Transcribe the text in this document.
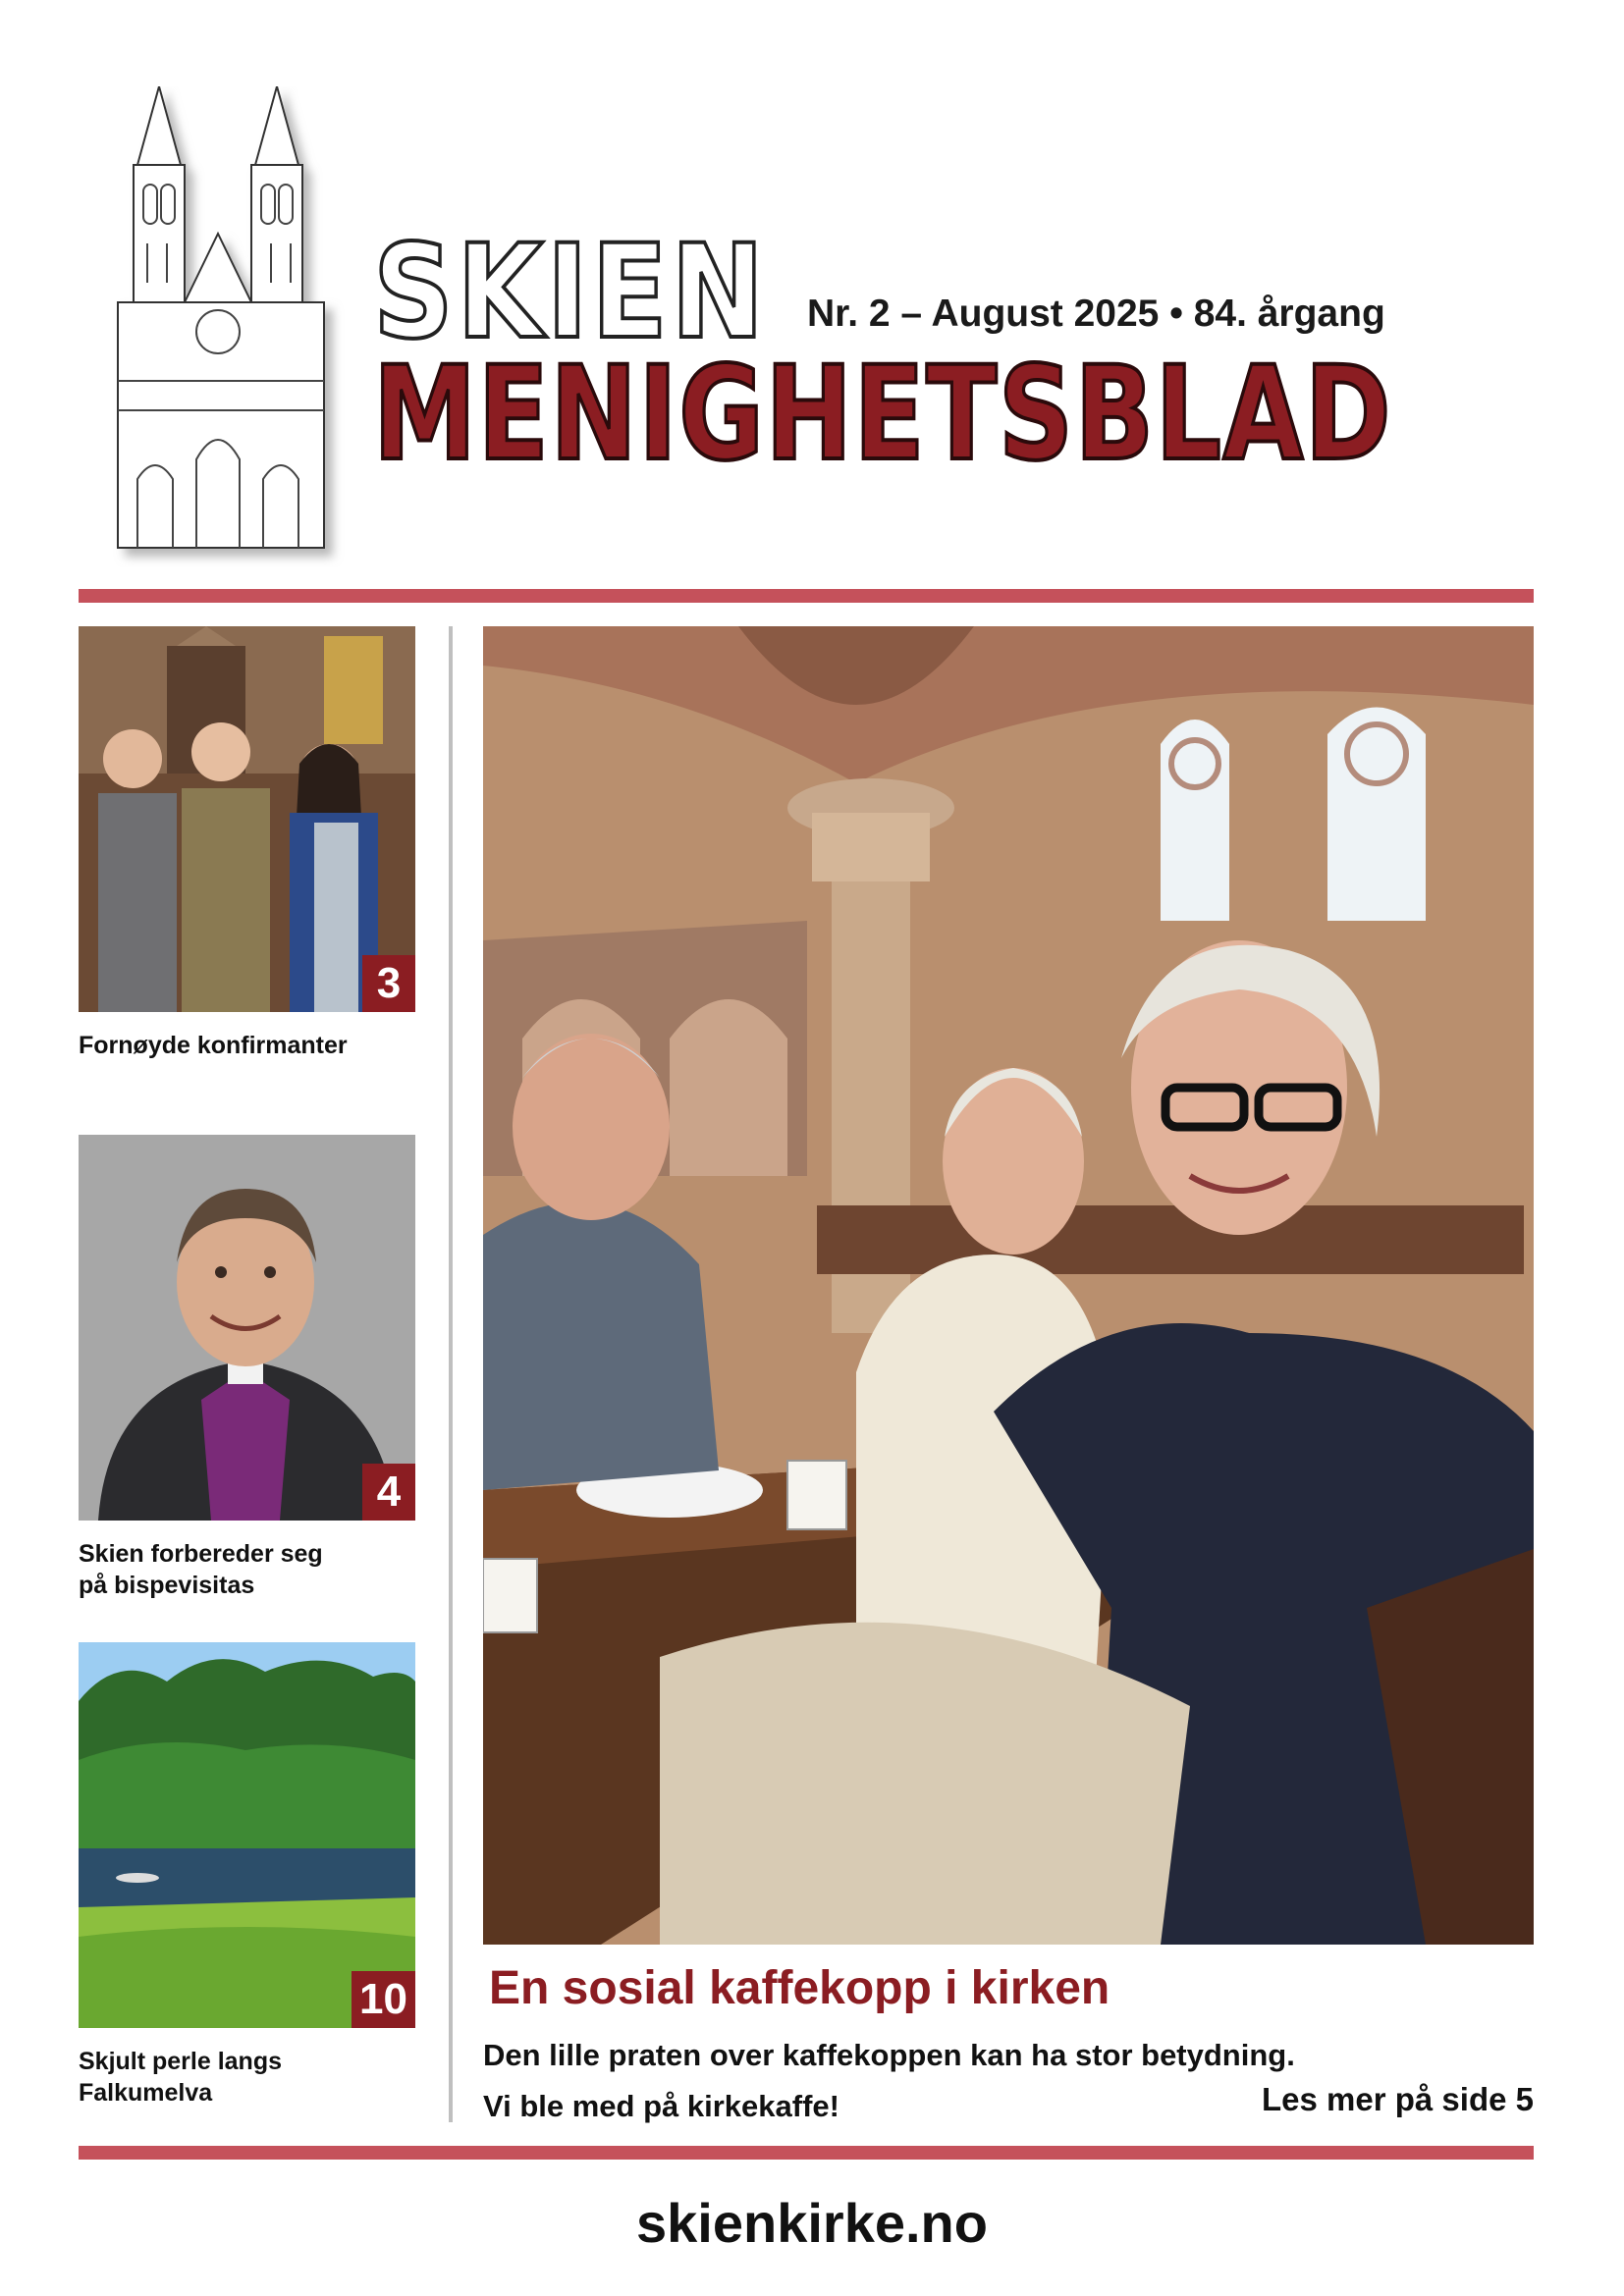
SKIEN
MENIGHETSBLAD
Nr. 2 – August 2025 • 84. årgang
3
Fornøyde konfirmanter
4
Skien forbereder seg
på bispevisitas
10
Skjult perle langs
Falkumelva
En sosial kaffekopp i kirken
Den lille praten over kaffekoppen kan ha stor betydning.
Vi ble med på kirkekaffe!	Les mer på side 5
skienkirke.no
